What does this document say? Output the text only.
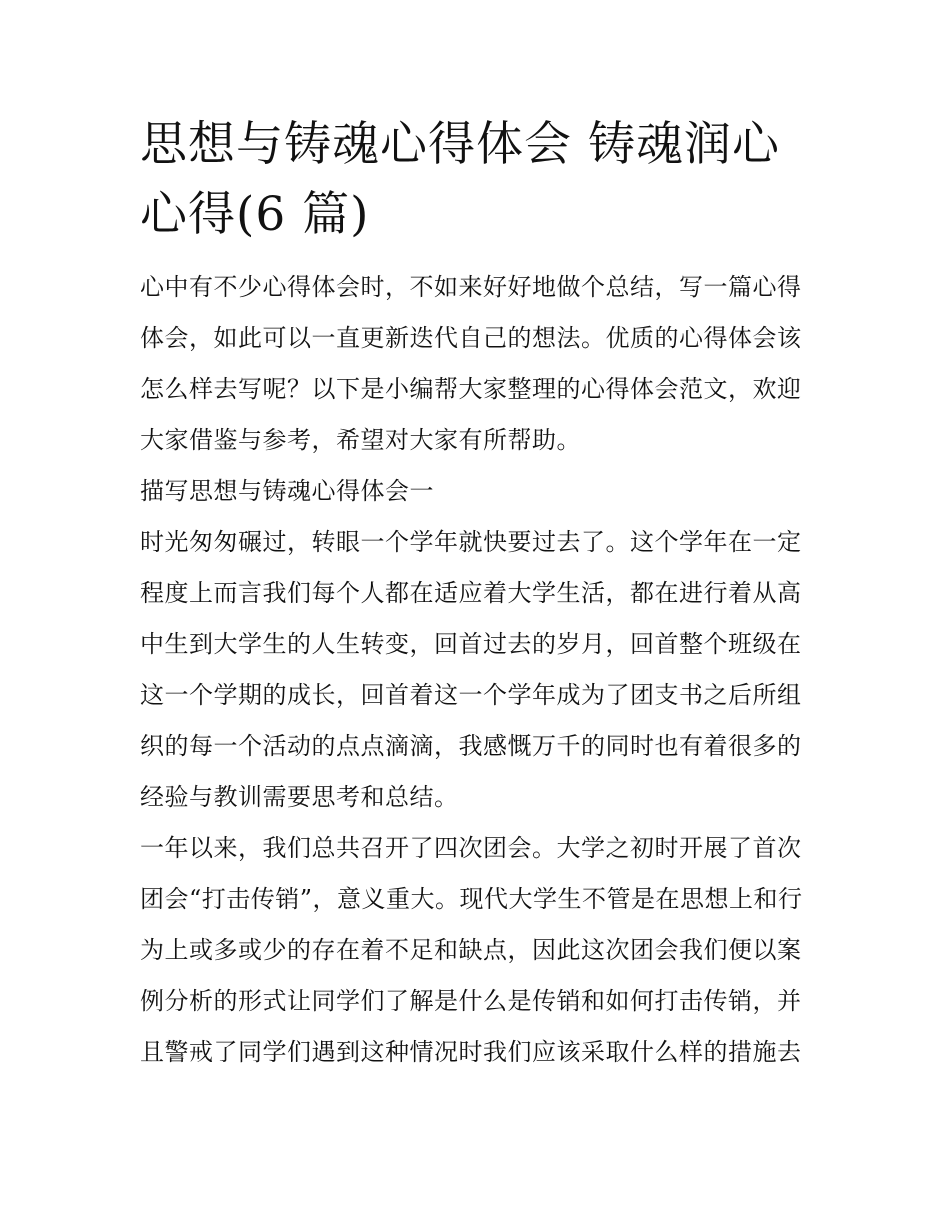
思想与铸魂心得体会 铸魂润心
心得(6 篇)
心中有不少心得体会时，不如来好好地做个总结，写一篇心得
体会，如此可以一直更新迭代自己的想法。优质的心得体会该
怎么样去写呢？以下是小编帮大家整理的心得体会范文，欢迎
大家借鉴与参考，希望对大家有所帮助。
描写思想与铸魂心得体会一
时光匆匆碾过，转眼一个学年就快要过去了。这个学年在一定
程度上而言我们每个人都在适应着大学生活，都在进行着从高
中生到大学生的人生转变，回首过去的岁月，回首整个班级在
这一个学期的成长，回首着这一个学年成为了团支书之后所组
织的每一个活动的点点滴滴，我感慨万千的同时也有着很多的
经验与教训需要思考和总结。
一年以来，我们总共召开了四次团会。大学之初时开展了首次
团会“打击传销”，意义重大。现代大学生不管是在思想上和行
为上或多或少的存在着不足和缺点，因此这次团会我们便以案
例分析的形式让同学们了解是什么是传销和如何打击传销，并
且警戒了同学们遇到这种情况时我们应该采取什么样的措施去
